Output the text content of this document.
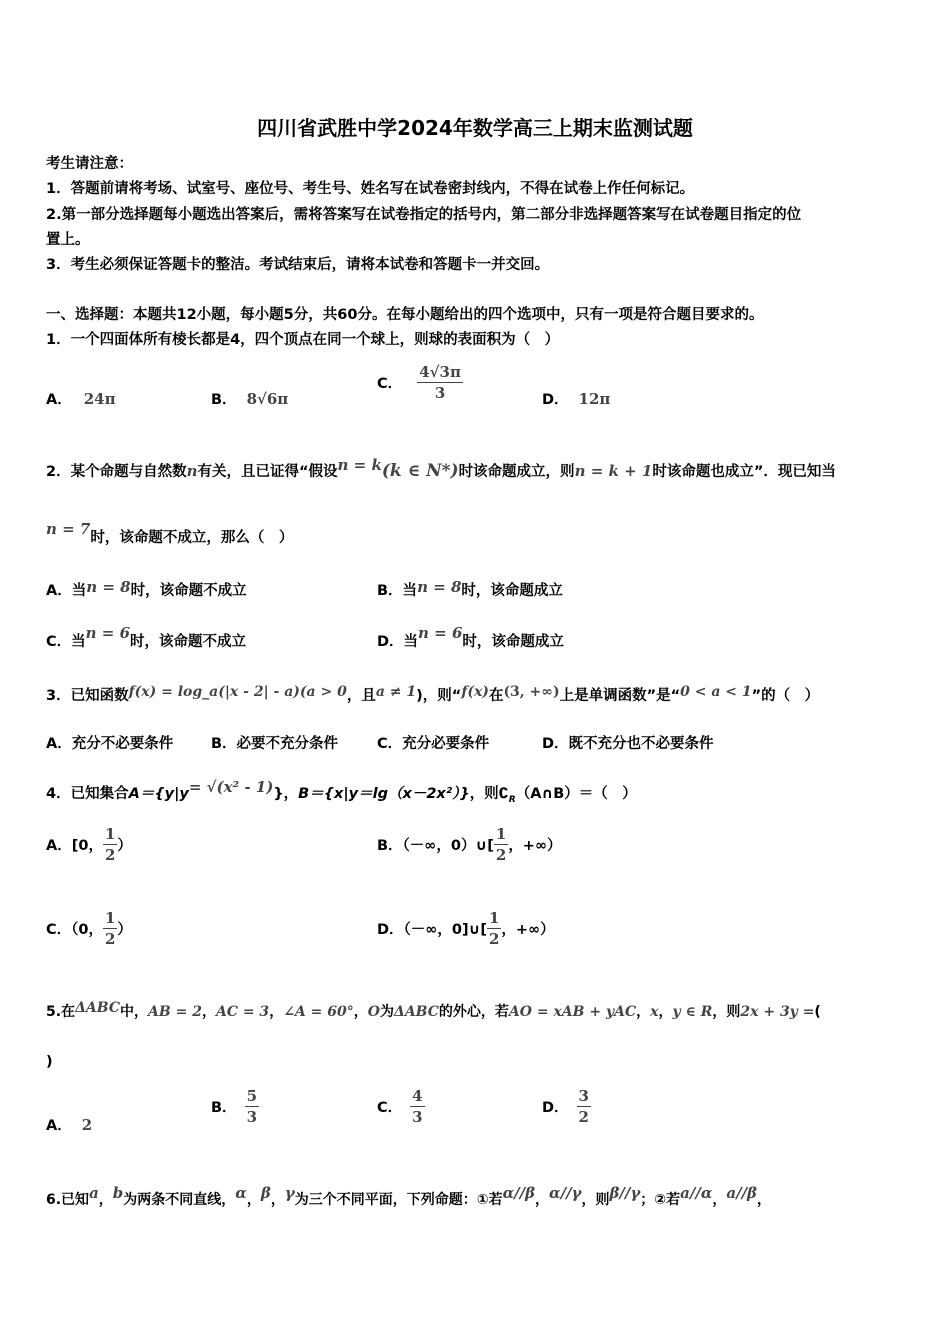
四川省武胜中学2024年数学高三上期末监测试题
考生请注意：
1．答题前请将考场、试室号、座位号、考生号、姓名写在试卷密封线内，不得在试卷上作任何标记。
2.第一部分选择题每小题选出答案后，需将答案写在试卷指定的括号内，第二部分非选择题答案写在试卷题目指定的位
置上。
3．考生必须保证答题卡的整洁。考试结束后，请将本试卷和答题卡一并交回。
一、选择题：本题共12小题，每小题5分，共60分。在每小题给出的四个选项中，只有一项是符合题目要求的。
1．一个四面体所有棱长都是4，四个顶点在同一个球上，则球的表面积为（　）
A． 24π	B． 8√6π
C． $\frac{4√3\pi}{3}$	D． 12π
2．某个命题与自然数n有关，且已证得“假设n = k(k ∈ N*)时该命题成立，则n = k + 1时该命题也成立”．现已知当
n = 7时，该命题不成立，那么（　）
A．当n = 8时，该命题不成立	B．当n = 8时，该命题成立
C．当n = 6时，该命题不成立	D．当n = 6时，该命题成立
3．已知函数f(x) = log_a(|x - 2| - a)(a > 0，且a ≠ 1)，则“f(x)在(3, +∞)上是单调函数”是“0 < a < 1”的（　）
A．充分不必要条件	B．必要不充分条件	C．充分必要条件	D．既不充分也不必要条件
4．已知集合A＝{y|y= √(x² - 1)}，B＝{x|y＝lg（x－2x²）}，则$∁_R(A\cap B)=$（　）
A．[0， $\frac{1}{2}$ ）	B．（－∞，0）∪[ $\frac{1}{2}$ ，+∞）
C．（0， $\frac{1}{2}$ ）	D．（－∞，0]∪[ $\frac{1}{2}$ ，+∞）
5.在ΔABC中，AB = 2，AC = 3，∠A = 60°，O为ΔABC的外心，若AO = xAB + yAC，x，y ∈ R，则2x + 3y =(
)
A． 2
B． $\frac{5}{3}$	C． $\frac{4}{3}$	D． $\frac{3}{2}$
6.已知a，b为两条不同直线，α，β，γ为三个不同平面，下列命题：①若α//β，α//γ，则β//γ；②若a//α，a//β，
